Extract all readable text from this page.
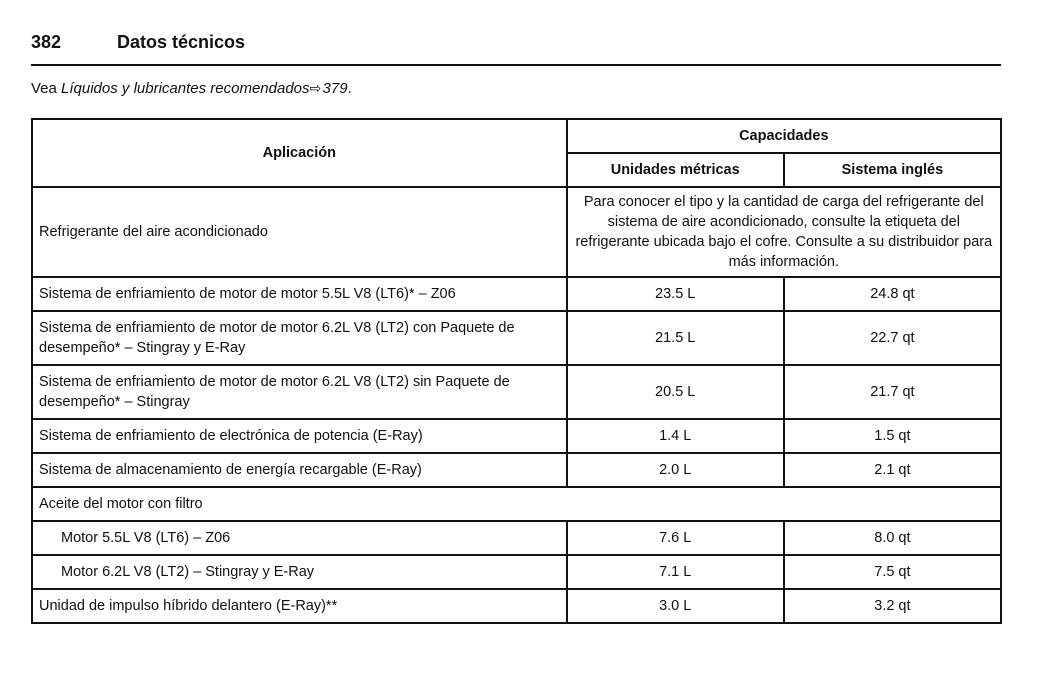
382	Datos técnicos
Vea Líquidos y lubricantes recomendados⇨ 379.
Aplicación	Capacidades	
	Unidades métricas	Sistema inglés
Refrigerante del aire acondicionado	Para conocer el tipo y la cantidad de carga del refrigerante del sistema de aire acondicionado, consulte la etiqueta del refrigerante ubicada bajo el cofre. Consulte a su distribuidor para más información.	
Sistema de enfriamiento de motor de motor 5.5L V8 (LT6)* – Z06	23.5 L	24.8 qt
Sistema de enfriamiento de motor de motor 6.2L V8 (LT2) con Paquete de desempeño* – Stingray y E-Ray	21.5 L	22.7 qt
Sistema de enfriamiento de motor de motor 6.2L V8 (LT2) sin Paquete de desempeño* – Stingray	20.5 L	21.7 qt
Sistema de enfriamiento de electrónica de potencia (E-Ray)	1.4 L	1.5 qt
Sistema de almacenamiento de energía recargable (E-Ray)	2.0 L	2.1 qt
Aceite del motor con filtro		
Motor 5.5L V8 (LT6) – Z06	7.6 L	8.0 qt
Motor 6.2L V8 (LT2) – Stingray y E-Ray	7.1 L	7.5 qt
Unidad de impulso híbrido delantero (E-Ray)**	3.0 L	3.2 qt
